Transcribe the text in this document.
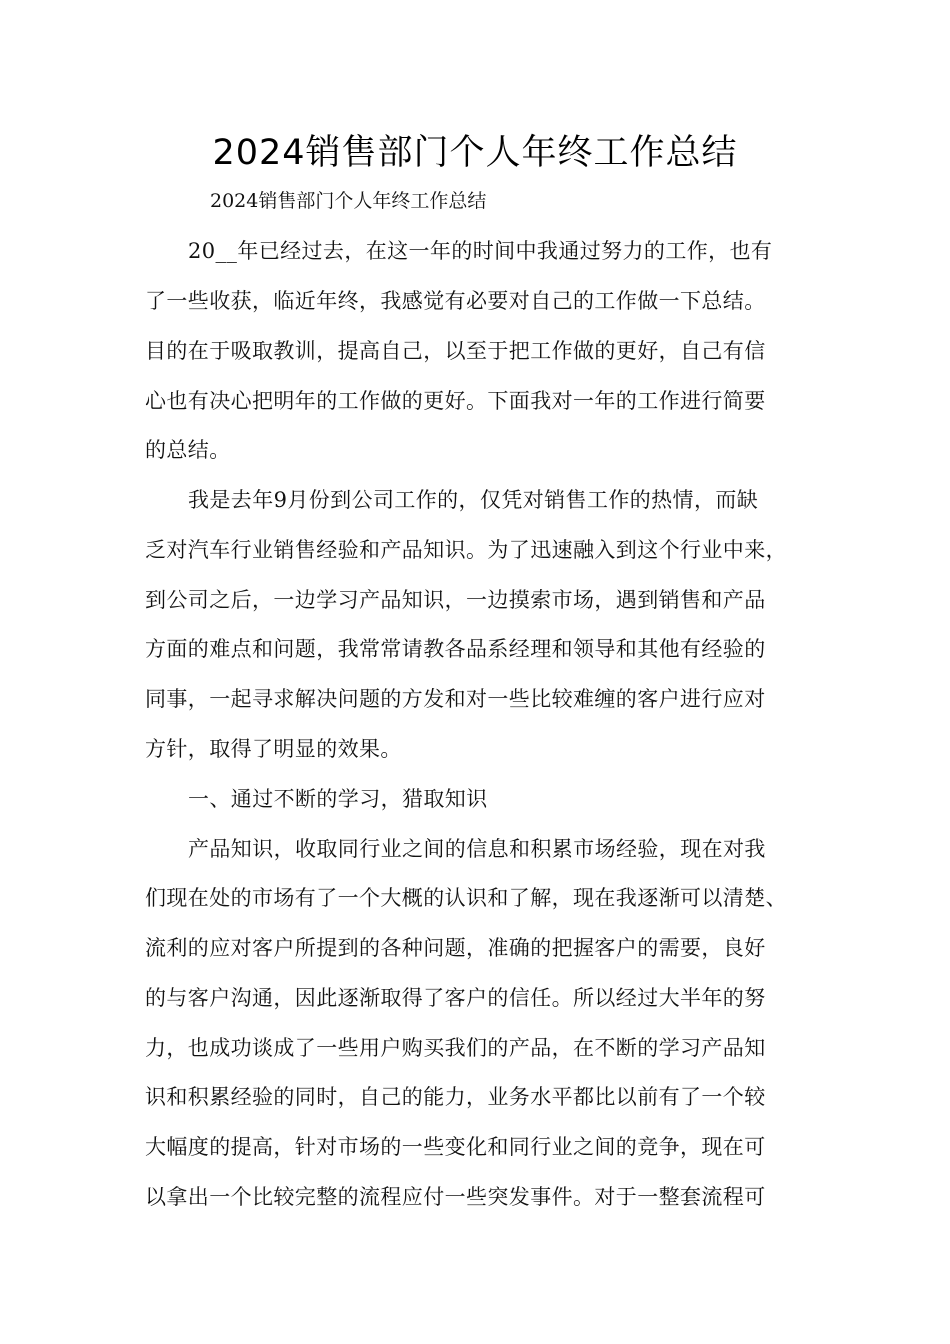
2024销售部门个人年终工作总结

2024销售部门个人年终工作总结

20__年已经过去，在这一年的时间中我通过努力的工作，也有

了一些收获，临近年终，我感觉有必要对自己的工作做一下总结。

目的在于吸取教训，提高自己，以至于把工作做的更好，自己有信

心也有决心把明年的工作做的更好。下面我对一年的工作进行简要

的总结。

我是去年9月份到公司工作的，仅凭对销售工作的热情，而缺

乏对汽车行业销售经验和产品知识。为了迅速融入到这个行业中来，

到公司之后，一边学习产品知识，一边摸索市场，遇到销售和产品

方面的难点和问题，我常常请教各品系经理和领导和其他有经验的

同事，一起寻求解决问题的方发和对一些比较难缠的客户进行应对

方针，取得了明显的效果。

一、通过不断的学习，猎取知识

产品知识，收取同行业之间的信息和积累市场经验，现在对我

们现在处的市场有了一个大概的认识和了解，现在我逐渐可以清楚、

流利的应对客户所提到的各种问题，准确的把握客户的需要，良好

的与客户沟通，因此逐渐取得了客户的信任。所以经过大半年的努

力，也成功谈成了一些用户购买我们的产品，在不断的学习产品知

识和积累经验的同时，自己的能力，业务水平都比以前有了一个较

大幅度的提高，针对市场的一些变化和同行业之间的竞争，现在可

以拿出一个比较完整的流程应付一些突发事件。对于一整套流程可
